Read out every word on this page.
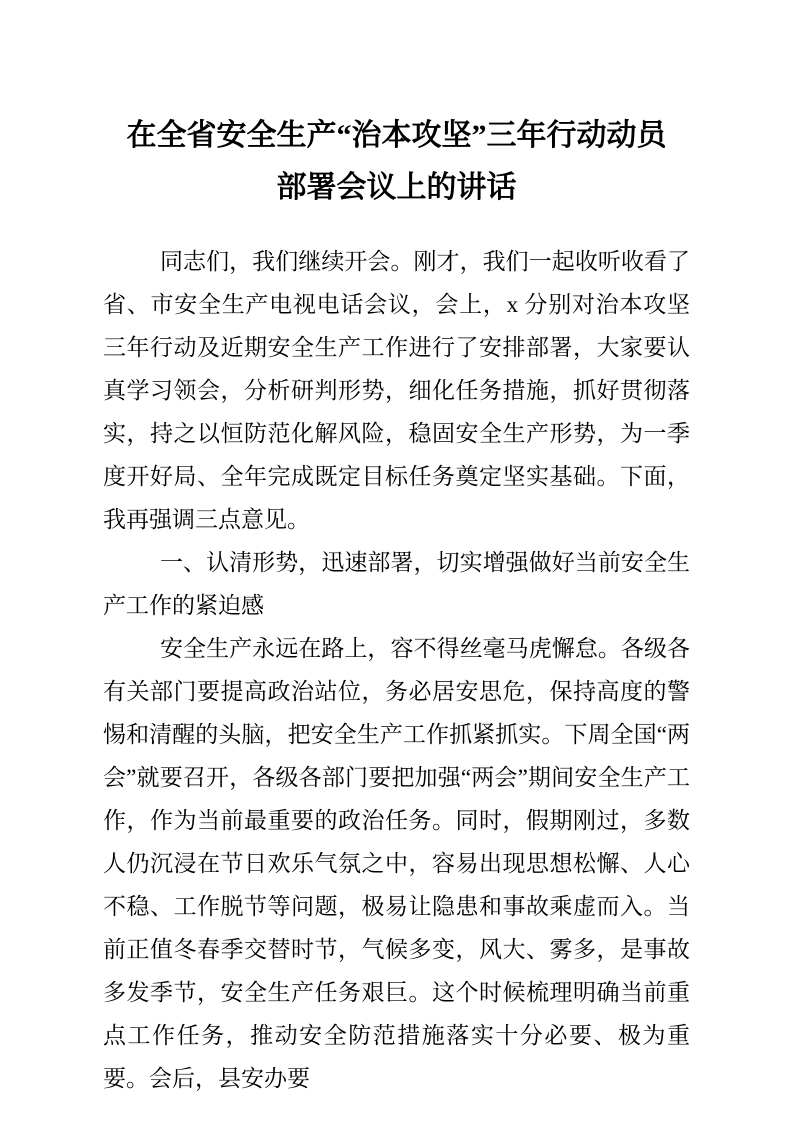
在全省安全生产“治本攻坚”三年行动动员
部署会议上的讲话

同志们，我们继续开会。刚才，我们一起收听收看了省、市安全生产电视电话会议，会上，x 分别对治本攻坚三年行动及近期安全生产工作进行了安排部署，大家要认真学习领会，分析研判形势，细化任务措施，抓好贯彻落实，持之以恒防范化解风险，稳固安全生产形势，为一季度开好局、全年完成既定目标任务奠定坚实基础。下面，我再强调三点意见。

一、认清形势，迅速部署，切实增强做好当前安全生产工作的紧迫感

安全生产永远在路上，容不得丝毫马虎懈怠。各级各有关部门要提高政治站位，务必居安思危，保持高度的警惕和清醒的头脑，把安全生产工作抓紧抓实。下周全国“两会”就要召开，各级各部门要把加强“两会”期间安全生产工作，作为当前最重要的政治任务。同时，假期刚过，多数人仍沉浸在节日欢乐气氛之中，容易出现思想松懈、人心不稳、工作脱节等问题，极易让隐患和事故乘虚而入。当前正值冬春季交替时节，气候多变，风大、雾多，是事故多发季节，安全生产任务艰巨。这个时候梳理明确当前重点工作任务，推动安全防范措施落实十分必要、极为重要。会后，县安办要
